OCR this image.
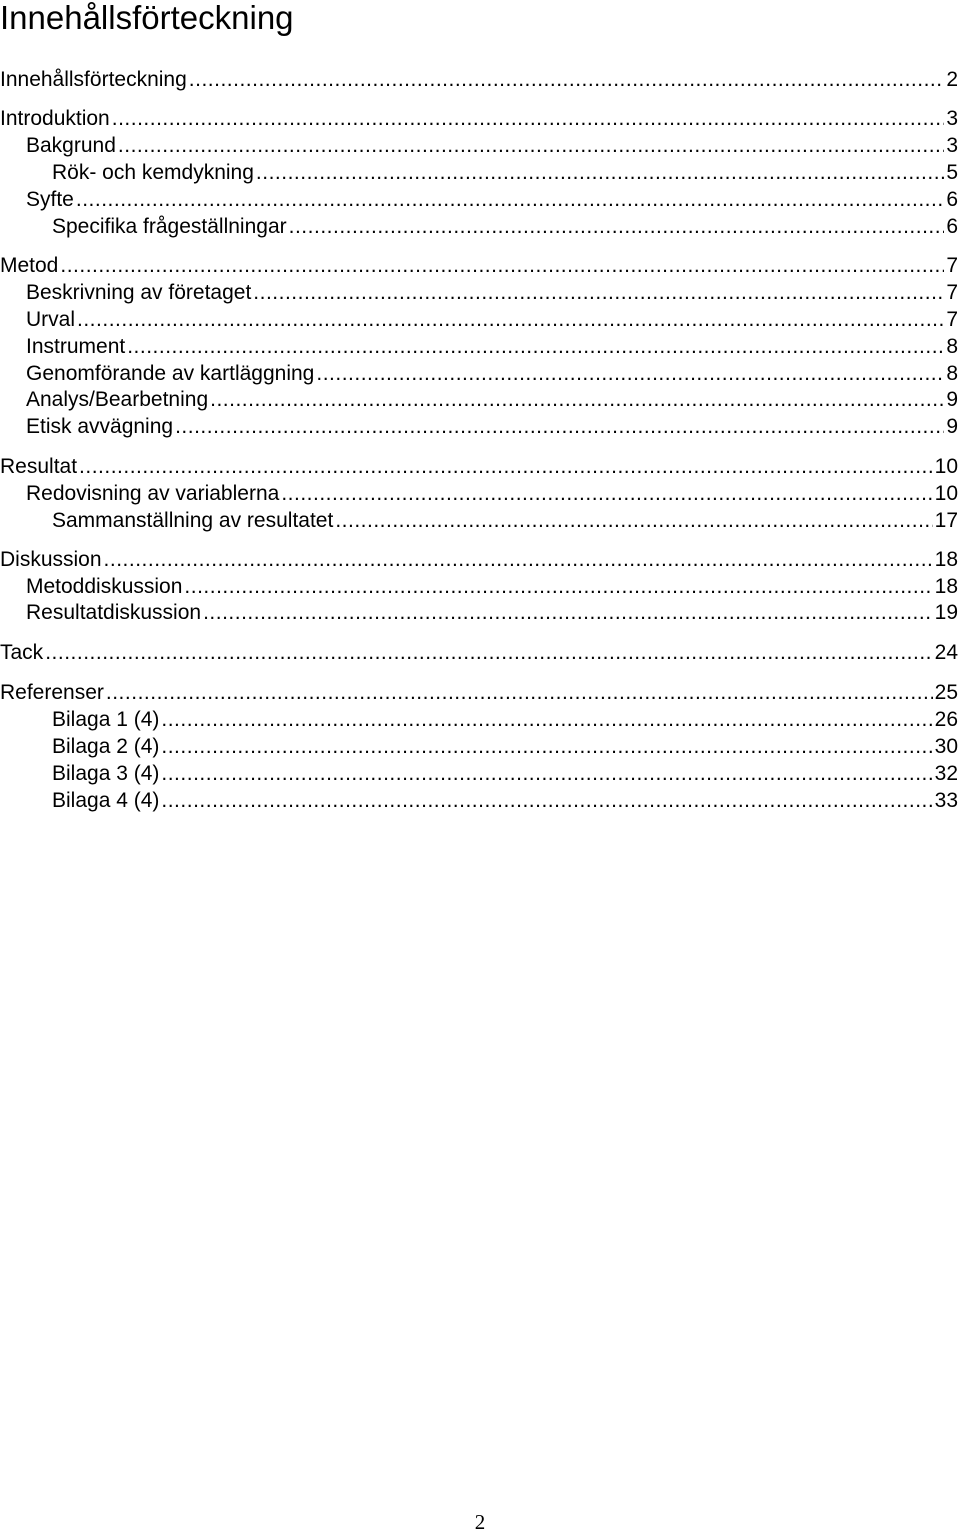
Innehållsförteckning
Innehållsförteckning .....	2
Introduktion .....	3
Bakgrund .....	3
Rök- och kemdykning .....	5
Syfte .....	6
Specifika frågeställningar .....	6
Metod .....	7
Beskrivning av företaget .....	7
Urval .....	7
Instrument .....	8
Genomförande av kartläggning .....	8
Analys/Bearbetning .....	9
Etisk avvägning .....	9
Resultat .....	10
Redovisning av variablerna .....	10
Sammanställning av resultatet .....	17
Diskussion .....	18
Metoddiskussion .....	18
Resultatdiskussion .....	19
Tack .....	24
Referenser .....	25
Bilaga 1 (4) .....	26
Bilaga 2 (4) .....	30
Bilaga 3 (4) .....	32
Bilaga 4 (4) .....	33
2
